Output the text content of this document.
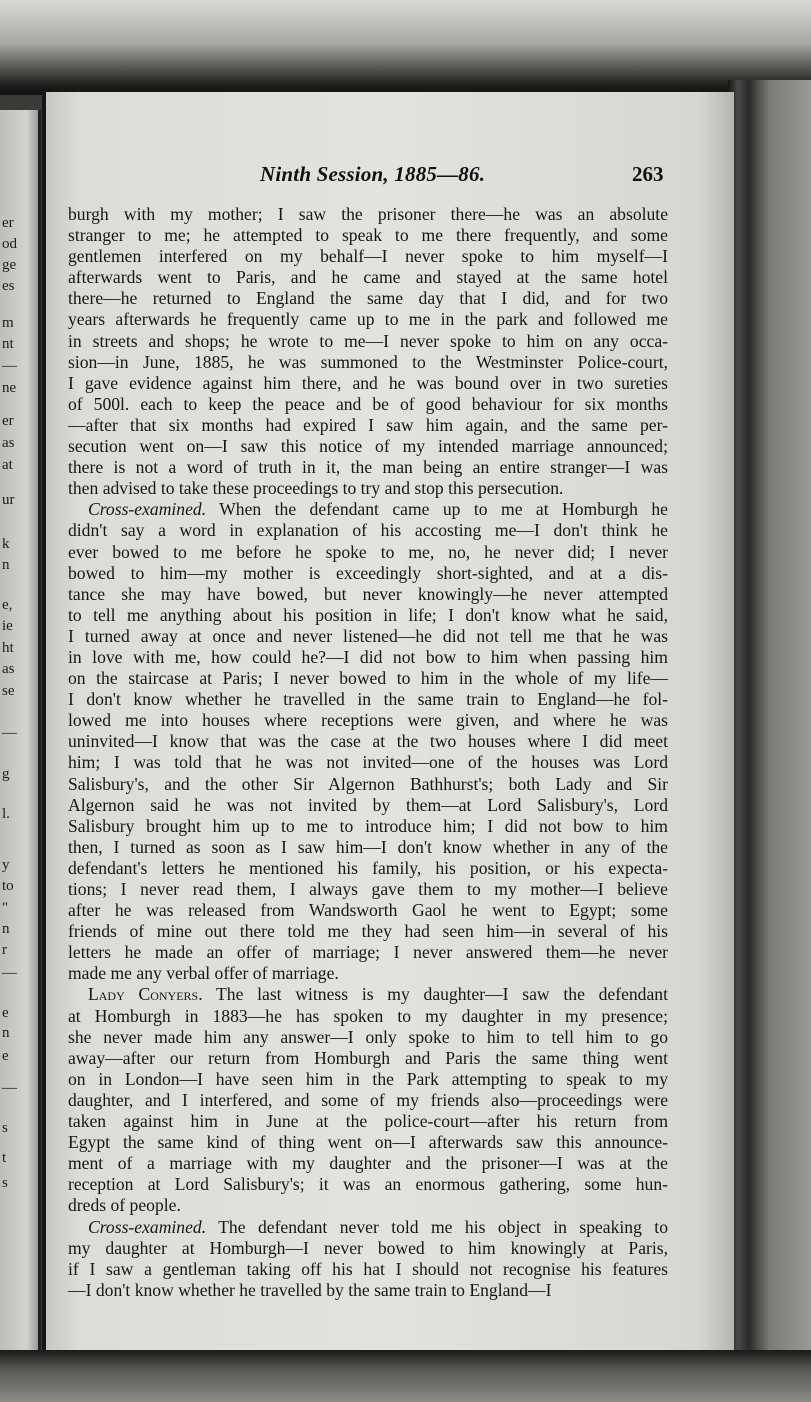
er
od
ge
es
m
nt
—
ne
er
as
at
ur
k
n
e,
ie
ht
as
se
—
g
l.
y
to
"
n
r
—
e
n
e
—
s
t
s
Ninth Session, 1885—86.	263
burgh with my mother; I saw the prisoner there—he was an absolute
stranger to me; he attempted to speak to me there frequently, and some
gentlemen interfered on my behalf—I never spoke to him myself—I
afterwards went to Paris, and he came and stayed at the same hotel
there—he returned to England the same day that I did, and for two
years afterwards he frequently came up to me in the park and followed me
in streets and shops; he wrote to me—I never spoke to him on any occa-
sion—in June, 1885, he was summoned to the Westminster Police-court,
I gave evidence against him there, and he was bound over in two sureties
of 500l. each to keep the peace and be of good behaviour for six months
—after that six months had expired I saw him again, and the same per-
secution went on—I saw this notice of my intended marriage announced;
there is not a word of truth in it, the man being an entire stranger—I was
then advised to take these proceedings to try and stop this persecution.
Cross-examined. When the defendant came up to me at Homburgh he
didn't say a word in explanation of his accosting me—I don't think he
ever bowed to me before he spoke to me, no, he never did; I never
bowed to him—my mother is exceedingly short-sighted, and at a dis-
tance she may have bowed, but never knowingly—he never attempted
to tell me anything about his position in life; I don't know what he said,
I turned away at once and never listened—he did not tell me that he was
in love with me, how could he?—I did not bow to him when passing him
on the staircase at Paris; I never bowed to him in the whole of my life—
I don't know whether he travelled in the same train to England—he fol-
lowed me into houses where receptions were given, and where he was
uninvited—I know that was the case at the two houses where I did meet
him; I was told that he was not invited—one of the houses was Lord
Salisbury's, and the other Sir Algernon Bathhurst's; both Lady and Sir
Algernon said he was not invited by them—at Lord Salisbury's, Lord
Salisbury brought him up to me to introduce him; I did not bow to him
then, I turned as soon as I saw him—I don't know whether in any of the
defendant's letters he mentioned his family, his position, or his expecta-
tions; I never read them, I always gave them to my mother—I believe
after he was released from Wandsworth Gaol he went to Egypt; some
friends of mine out there told me they had seen him—in several of his
letters he made an offer of marriage; I never answered them—he never
made me any verbal offer of marriage.
Lady Conyers. The last witness is my daughter—I saw the defendant
at Homburgh in 1883—he has spoken to my daughter in my presence;
she never made him any answer—I only spoke to him to tell him to go
away—after our return from Homburgh and Paris the same thing went
on in London—I have seen him in the Park attempting to speak to my
daughter, and I interfered, and some of my friends also—proceedings were
taken against him in June at the police-court—after his return from
Egypt the same kind of thing went on—I afterwards saw this announce-
ment of a marriage with my daughter and the prisoner—I was at the
reception at Lord Salisbury's; it was an enormous gathering, some hun-
dreds of people.
Cross-examined. The defendant never told me his object in speaking to
my daughter at Homburgh—I never bowed to him knowingly at Paris,
if I saw a gentleman taking off his hat I should not recognise his features
—I don't know whether he travelled by the same train to England—I
